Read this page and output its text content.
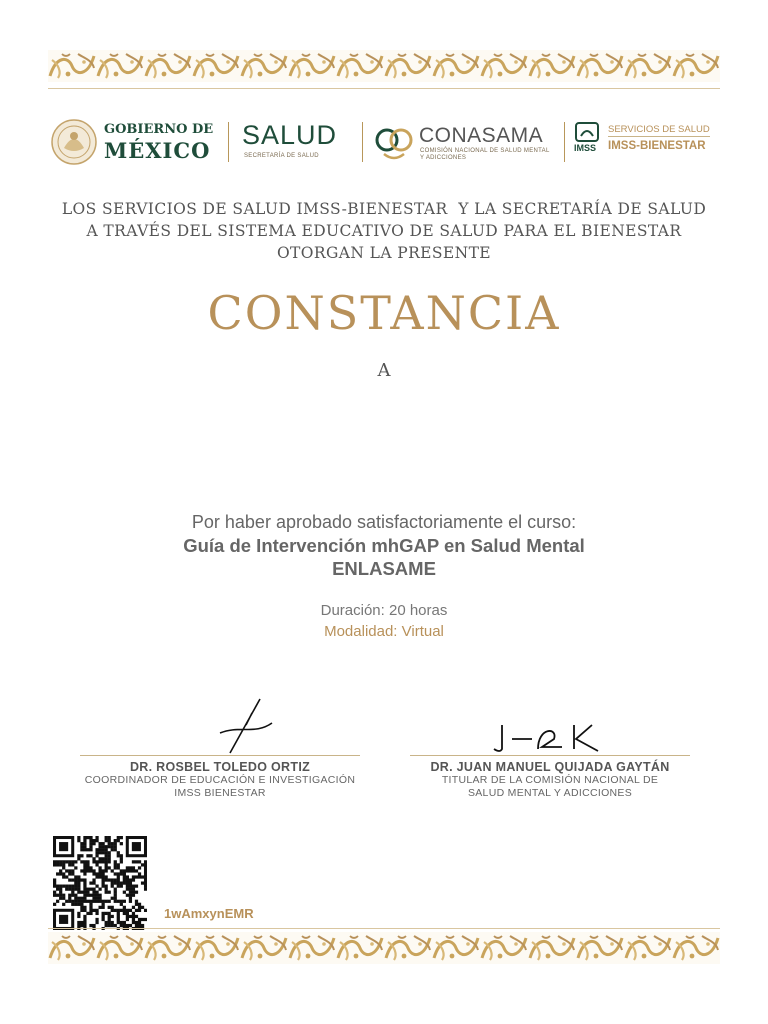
GOBIERNO DE
MÉXICO
SALUD
SECRETARÍA DE SALUD
CONASAMA
COMISIÓN NACIONAL DE SALUD MENTAL
Y ADICCIONES
IMSS
SERVICIOS DE SALUD
IMSS-BIENESTAR
LOS SERVICIOS DE SALUD IMSS-BIENESTAR  Y LA SECRETARÍA DE SALUD
A TRAVÉS DEL SISTEMA EDUCATIVO DE SALUD PARA EL BIENESTAR
OTORGAN LA PRESENTE
CONSTANCIA
A
Por haber aprobado satisfactoriamente el curso:
Guía de Intervención mhGAP en Salud Mental
ENLASAME
Duración: 20 horas
Modalidad: Virtual
DR. ROSBEL TOLEDO ORTIZ
COORDINADOR DE EDUCACIÓN E INVESTIGACIÓN
IMSS BIENESTAR
DR. JUAN MANUEL QUIJADA GAYTÁN
TITULAR DE LA COMISIÓN NACIONAL DE
SALUD MENTAL Y ADICCIONES
1wAmxynEMR
